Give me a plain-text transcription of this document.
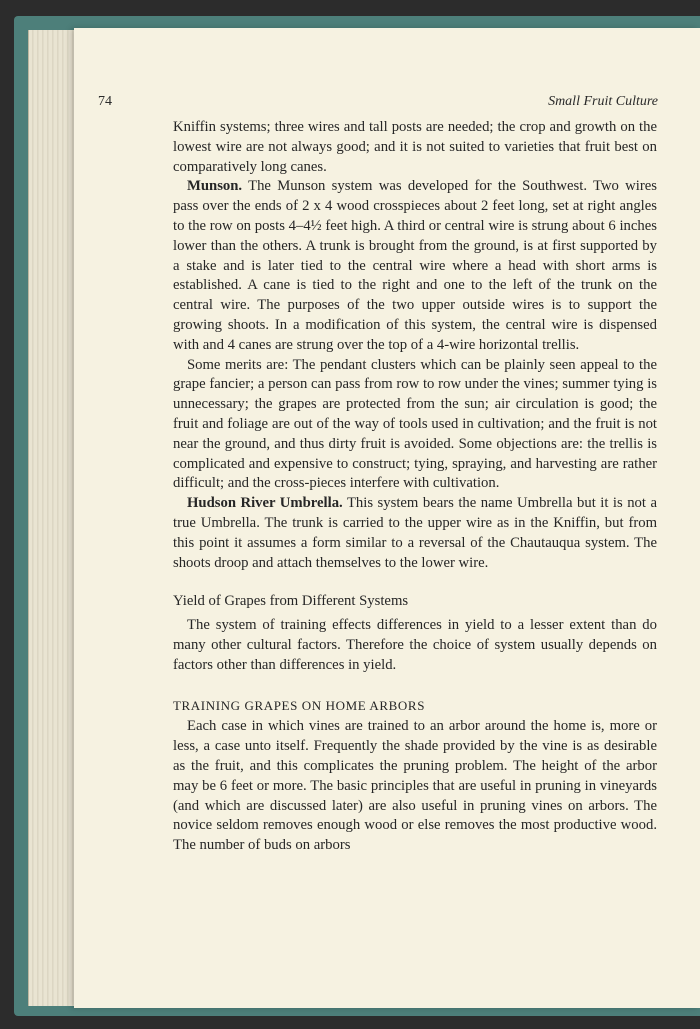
74	Small Fruit Culture

Kniffin systems; three wires and tall posts are needed; the crop and growth on the lowest wire are not always good; and it is not suited to varieties that fruit best on comparatively long canes.

Munson. The Munson system was developed for the Southwest. Two wires pass over the ends of 2 x 4 wood crosspieces about 2 feet long, set at right angles to the row on posts 4–4½ feet high. A third or central wire is strung about 6 inches lower than the others. A trunk is brought from the ground, is at first supported by a stake and is later tied to the central wire where a head with short arms is established. A cane is tied to the right and one to the left of the trunk on the central wire. The purposes of the two upper outside wires is to support the growing shoots. In a modification of this system, the central wire is dispensed with and 4 canes are strung over the top of a 4-wire horizontal trellis.

Some merits are: The pendant clusters which can be plainly seen appeal to the grape fancier; a person can pass from row to row under the vines; summer tying is unnecessary; the grapes are protected from the sun; air circulation is good; the fruit and foliage are out of the way of tools used in cultivation; and the fruit is not near the ground, and thus dirty fruit is avoided. Some objections are: the trellis is complicated and expensive to construct; tying, spraying, and harvesting are rather difficult; and the cross-pieces interfere with cultivation.

Hudson River Umbrella. This system bears the name Umbrella but it is not a true Umbrella. The trunk is carried to the upper wire as in the Kniffin, but from this point it assumes a form similar to a reversal of the Chautauqua system. The shoots droop and attach themselves to the lower wire.

Yield of Grapes from Different Systems

The system of training effects differences in yield to a lesser extent than do many other cultural factors. Therefore the choice of system usually depends on factors other than differences in yield.

TRAINING GRAPES ON HOME ARBORS

Each case in which vines are trained to an arbor around the home is, more or less, a case unto itself. Frequently the shade provided by the vine is as desirable as the fruit, and this complicates the pruning problem. The height of the arbor may be 6 feet or more. The basic principles that are useful in pruning in vineyards (and which are discussed later) are also useful in pruning vines on arbors. The novice seldom removes enough wood or else removes the most productive wood. The number of buds on arbors
